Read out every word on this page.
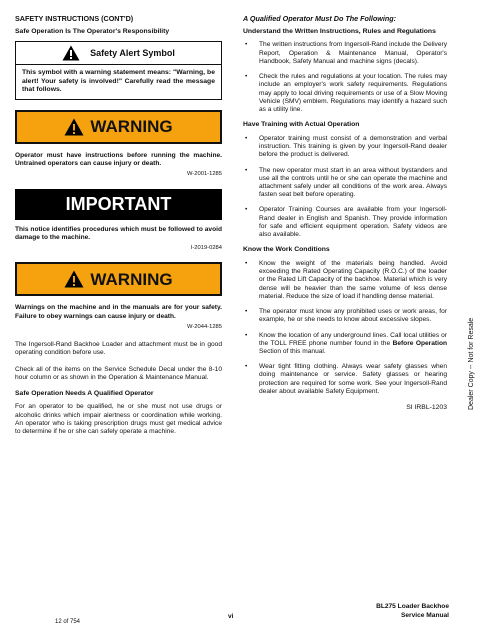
SAFETY INSTRUCTIONS (CONT'D)
Safe Operation Is The Operator's Responsibility
Safety Alert Symbol
This symbol with a warning statement means: "Warning, be alert! Your safety is involved!" Carefully read the message that follows.
WARNING
Operator must have instructions before running the machine. Untrained operators can cause injury or death.
W-2001-1285
IMPORTANT
This notice identifies procedures which must be followed to avoid damage to the machine.
I-2019-0284
WARNING
Warnings on the machine and in the manuals are for your safety. Failure to obey warnings can cause injury or death.
W-2044-1285

The Ingersoll-Rand Backhoe Loader and attachment must be in good operating condition before use.

Check all of the items on the Service Schedule Decal under the 8-10 hour column or as shown in the Operation & Maintenance Manual.

Safe Operation Needs A Qualified Operator

For an operator to be qualified, he or she must not use drugs or alcoholic drinks which impair alertness or coordination while working. An operator who is taking prescription drugs must get medical advice to determine if he or she can safely operate a machine.

A Qualified Operator Must Do The Following:
Understand the Written Instructions, Rules and Regulations
• The written instructions from Ingersoll-Rand include the Delivery Report, Operation & Maintenance Manual, Operator's Handbook, Safety Manual and machine signs (decals).
• Check the rules and regulations at your location. The rules may include an employer's work safety requirements. Regulations may apply to local driving requirements or use of a Slow Moving Vehicle (SMV) emblem. Regulations may identify a hazard such as a utility line.
Have Training with Actual Operation
• Operator training must consist of a demonstration and verbal instruction. This training is given by your Ingersoll-Rand dealer before the product is delivered.
• The new operator must start in an area without bystanders and use all the controls until he or she can operate the machine and attachment safely under all conditions of the work area. Always fasten seat belt before operating.
• Operator Training Courses are available from your Ingersoll-Rand dealer in English and Spanish. They provide information for safe and efficient equipment operation. Safety videos are also available.
Know the Work Conditions
• Know the weight of the materials being handled. Avoid exceeding the Rated Operating Capacity (R.O.C.) of the loader or the Rated Lift Capacity of the backhoe. Material which is very dense will be heavier than the same volume of less dense material. Reduce the size of load if handling dense material.
• The operator must know any prohibited uses or work areas, for example, he or she needs to know about excessive slopes.
• Know the location of any underground lines. Call local utilities or the TOLL FREE phone number found in the Before Operation Section of this manual.
• Wear tight fitting clothing. Always wear safety glasses when doing maintenance or service. Safety glasses or hearing protection are required for some work. See your Ingersoll-Rand dealer about available Safety Equipment.
SI IRBL-1203	Dealer Copy -- Not for Resale
BL275 Loader Backhoe
Service Manual
vi
12 of 754
